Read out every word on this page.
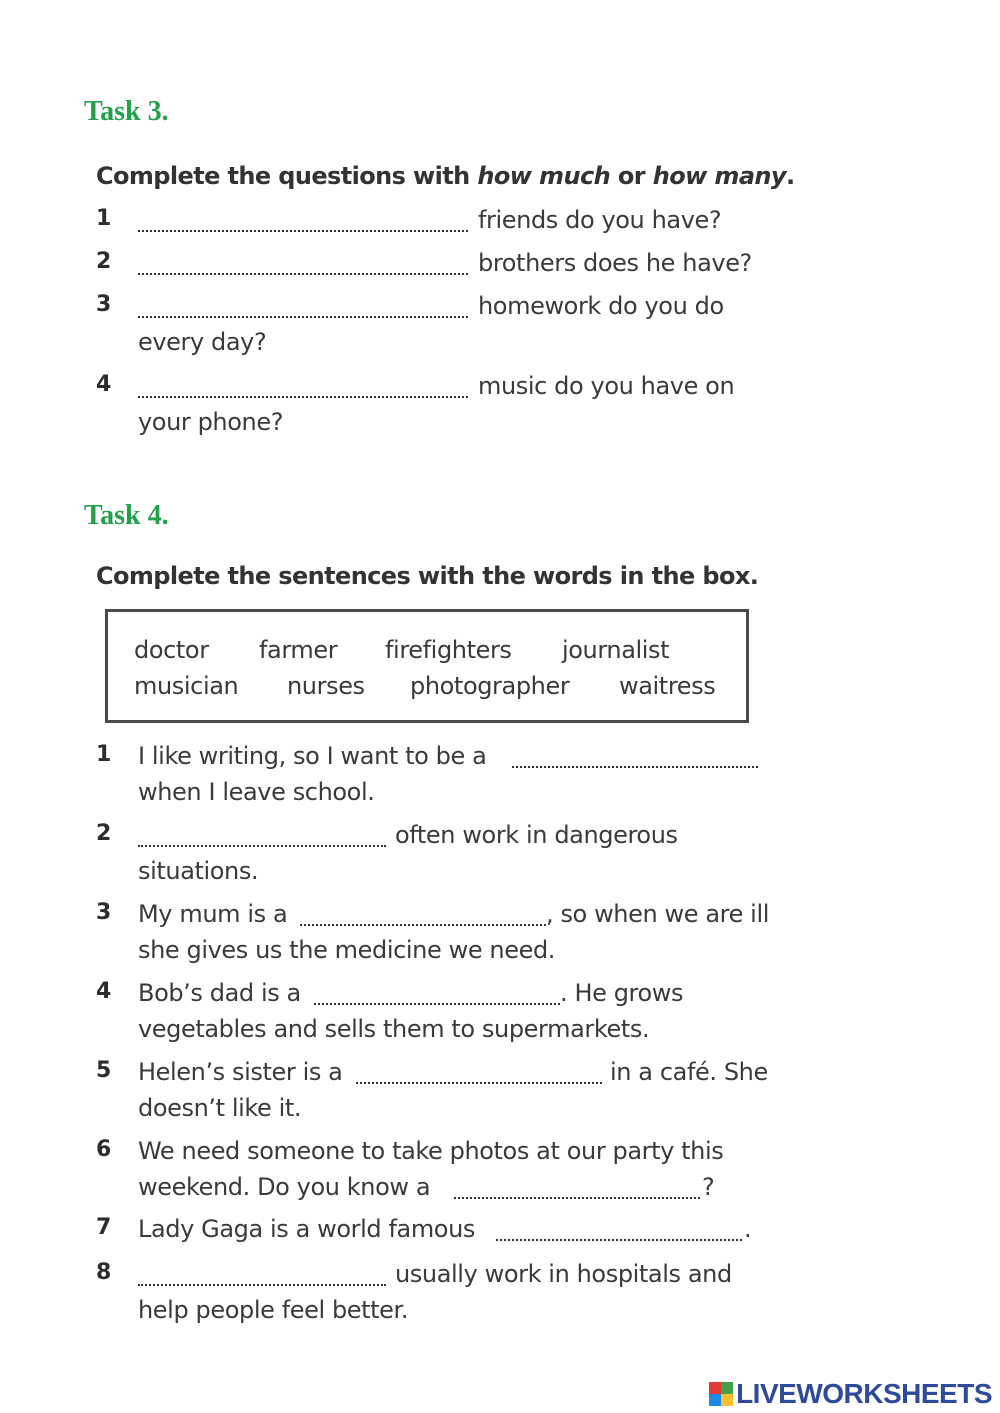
Task 3.
Complete the questions with how much or how many.
1	friends do you have?
2	brothers does he have?
3	homework do you do
every day?
4	music do you have on
your phone?
Task 4.
Complete the sentences with the words in the box.
doctor farmer firefighters journalist
musician nurses photographer waitress
1 I like writing, so I want to be a
when I leave school.
2	often work in dangerous
situations.
3 My mum is a	, so when we are ill
she gives us the medicine we need.
4 Bob’s dad is a	. He grows
vegetables and sells them to supermarkets.
5 Helen’s sister is a	in a café. She
doesn’t like it.
6 We need someone to take photos at our party this
weekend. Do you know a	?
7 Lady Gaga is a world famous	.
8	usually work in hospitals and
help people feel better.
LIVEWORKSHEETS
